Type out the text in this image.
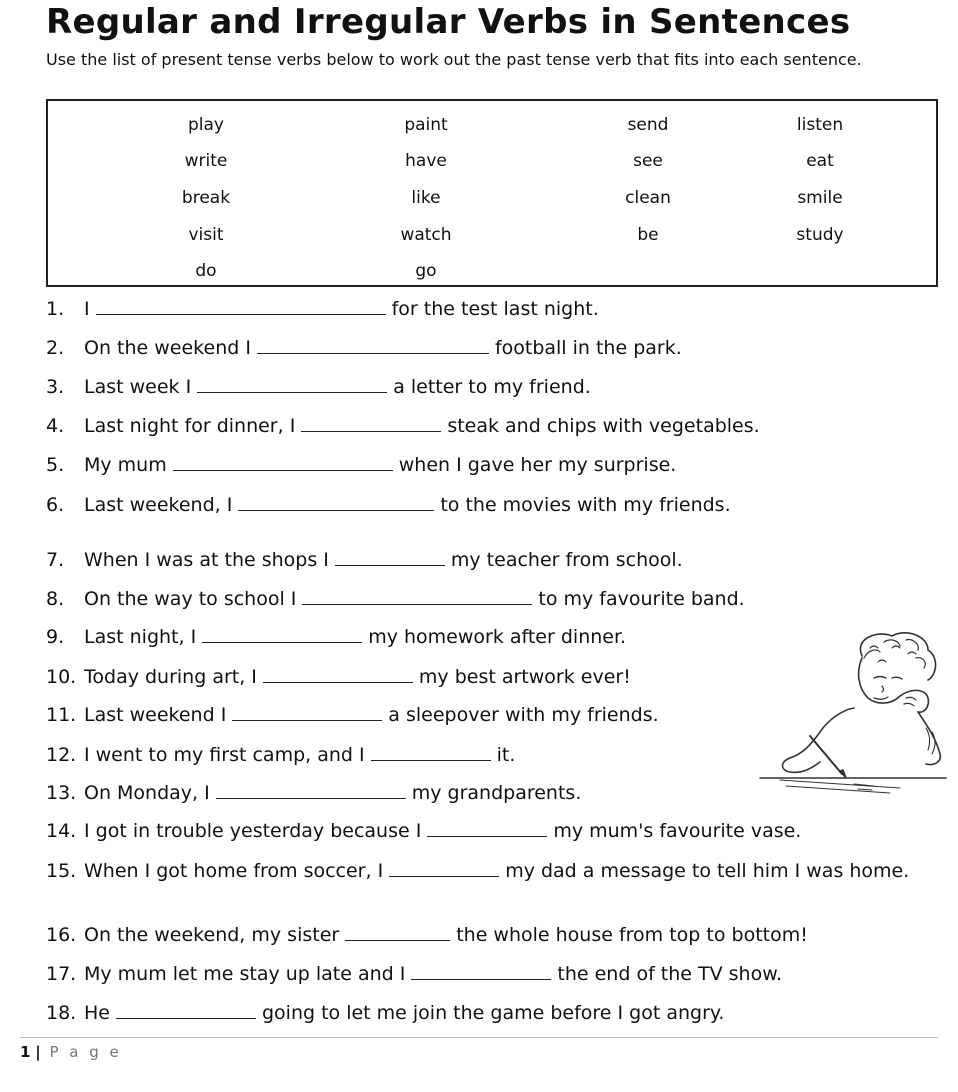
Regular and Irregular Verbs in Sentences
Use the list of present tense verbs below to work out the past tense verb that fits into each sentence.
play	paint	send	listen
write	have	see	eat
break	like	clean	smile
visit	watch	be	study
do	go
1. I	for the test last night.
2. On the weekend I	football in the park.
3. Last week I	a letter to my friend.
4. Last night for dinner, I	steak and chips with vegetables.
5. My mum	when I gave her my surprise.
6. Last weekend, I	to the movies with my friends.
7. When I was at the shops I	my teacher from school.
8. On the way to school I	to my favourite band.
9. Last night, I	my homework after dinner.
10. Today during art, I	my best artwork ever!
11. Last weekend I	a sleepover with my friends.
12. I went to my first camp, and I	it.
13. On Monday, I	my grandparents.
14. I got in trouble yesterday because I	my mum's favourite vase.
15. When I got home from soccer, I	my dad a message to tell him I was home.
16. On the weekend, my sister	the whole house from top to bottom!
17. My mum let me stay up late and I	the end of the TV show.
18. He	going to let me join the game before I got angry.
1 | P a g e
